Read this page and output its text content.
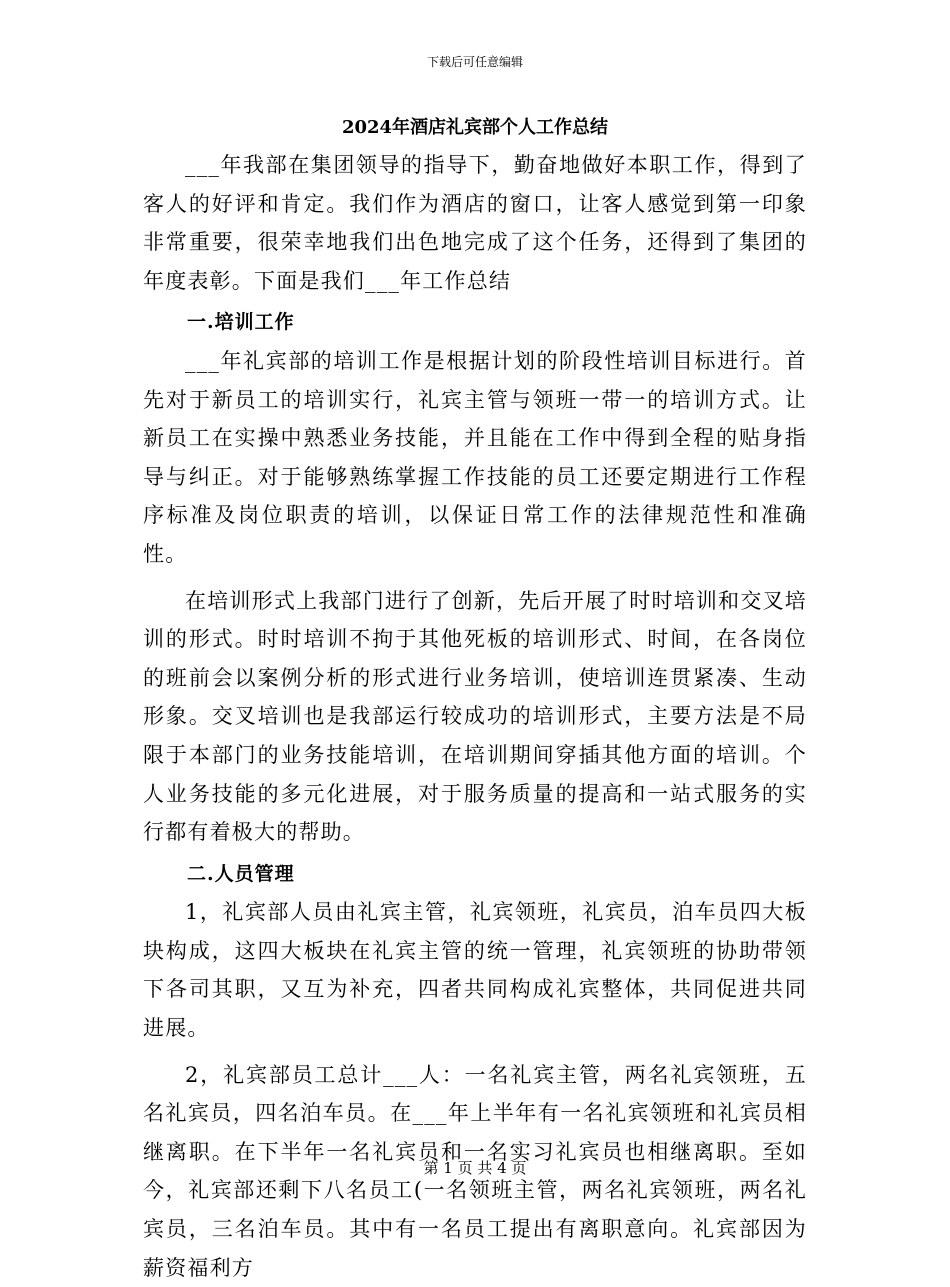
下载后可任意编辑
2024年酒店礼宾部个人工作总结

___年我部在集团领导的指导下，勤奋地做好本职工作，得到了客人的好评和肯定。我们作为酒店的窗口，让客人感觉到第一印象非常重要，很荣幸地我们出色地完成了这个任务，还得到了集团的年度表彰。下面是我们___年工作总结

一.培训工作

___年礼宾部的培训工作是根据计划的阶段性培训目标进行。首先对于新员工的培训实行，礼宾主管与领班一带一的培训方式。让新员工在实操中熟悉业务技能，并且能在工作中得到全程的贴身指导与纠正。对于能够熟练掌握工作技能的员工还要定期进行工作程序标准及岗位职责的培训，以保证日常工作的法律规范性和准确性。

在培训形式上我部门进行了创新，先后开展了时时培训和交叉培训的形式。时时培训不拘于其他死板的培训形式、时间，在各岗位的班前会以案例分析的形式进行业务培训，使培训连贯紧凑、生动形象。交叉培训也是我部运行较成功的培训形式，主要方法是不局限于本部门的业务技能培训，在培训期间穿插其他方面的培训。个人业务技能的多元化进展，对于服务质量的提高和一站式服务的实行都有着极大的帮助。

二.人员管理

1，礼宾部人员由礼宾主管，礼宾领班，礼宾员，泊车员四大板块构成，这四大板块在礼宾主管的统一管理，礼宾领班的协助带领下各司其职，又互为补充，四者共同构成礼宾整体，共同促进共同进展。

2，礼宾部员工总计___人：一名礼宾主管，两名礼宾领班，五名礼宾员，四名泊车员。在___年上半年有一名礼宾领班和礼宾员相继离职。在下半年一名礼宾员和一名实习礼宾员也相继离职。至如今，礼宾部还剩下八名员工(一名领班主管，两名礼宾领班，两名礼宾员，三名泊车员。其中有一名员工提出有离职意向。礼宾部因为薪资福利方

第 1 页 共 4 页
